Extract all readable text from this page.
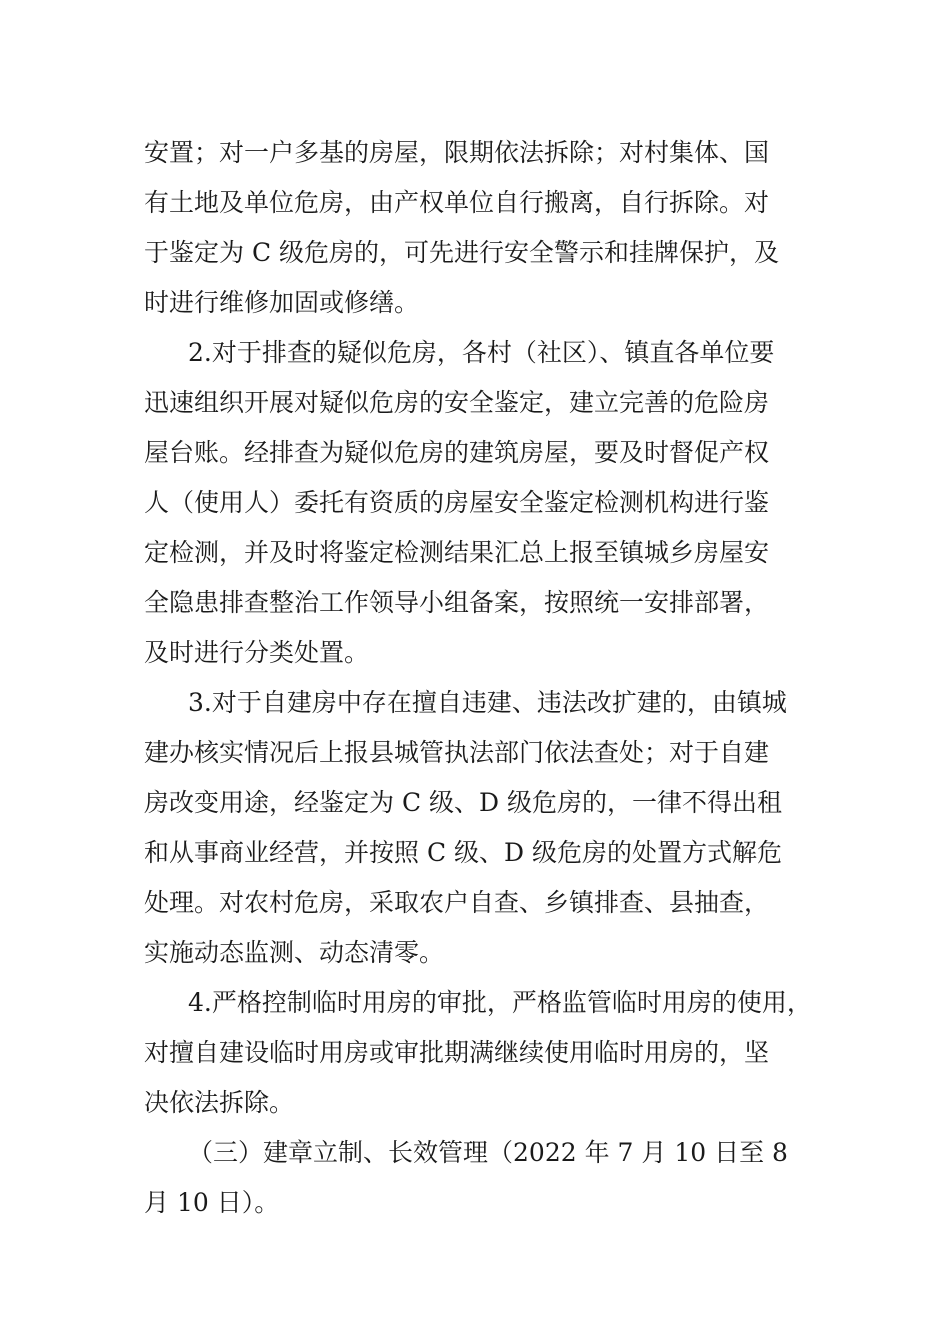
安置；对一户多基的房屋，限期依法拆除；对村集体、国
有土地及单位危房，由产权单位自行搬离，自行拆除。对
于鉴定为 C 级危房的，可先进行安全警示和挂牌保护，及
时进行维修加固或修缮。
2.对于排查的疑似危房，各村（社区）、镇直各单位要
迅速组织开展对疑似危房的安全鉴定，建立完善的危险房
屋台账。经排查为疑似危房的建筑房屋，要及时督促产权
人（使用人）委托有资质的房屋安全鉴定检测机构进行鉴
定检测，并及时将鉴定检测结果汇总上报至镇城乡房屋安
全隐患排查整治工作领导小组备案，按照统一安排部署，
及时进行分类处置。
3.对于自建房中存在擅自违建、违法改扩建的，由镇城
建办核实情况后上报县城管执法部门依法查处；对于自建
房改变用途，经鉴定为 C 级、D 级危房的，一律不得出租
和从事商业经营，并按照 C 级、D 级危房的处置方式解危
处理。对农村危房，采取农户自查、乡镇排查、县抽查，
实施动态监测、动态清零。
4.严格控制临时用房的审批，严格监管临时用房的使用，
对擅自建设临时用房或审批期满继续使用临时用房的，坚
决依法拆除。
（三）建章立制、长效管理（2022 年 7 月 10 日至 8
月 10 日）。
